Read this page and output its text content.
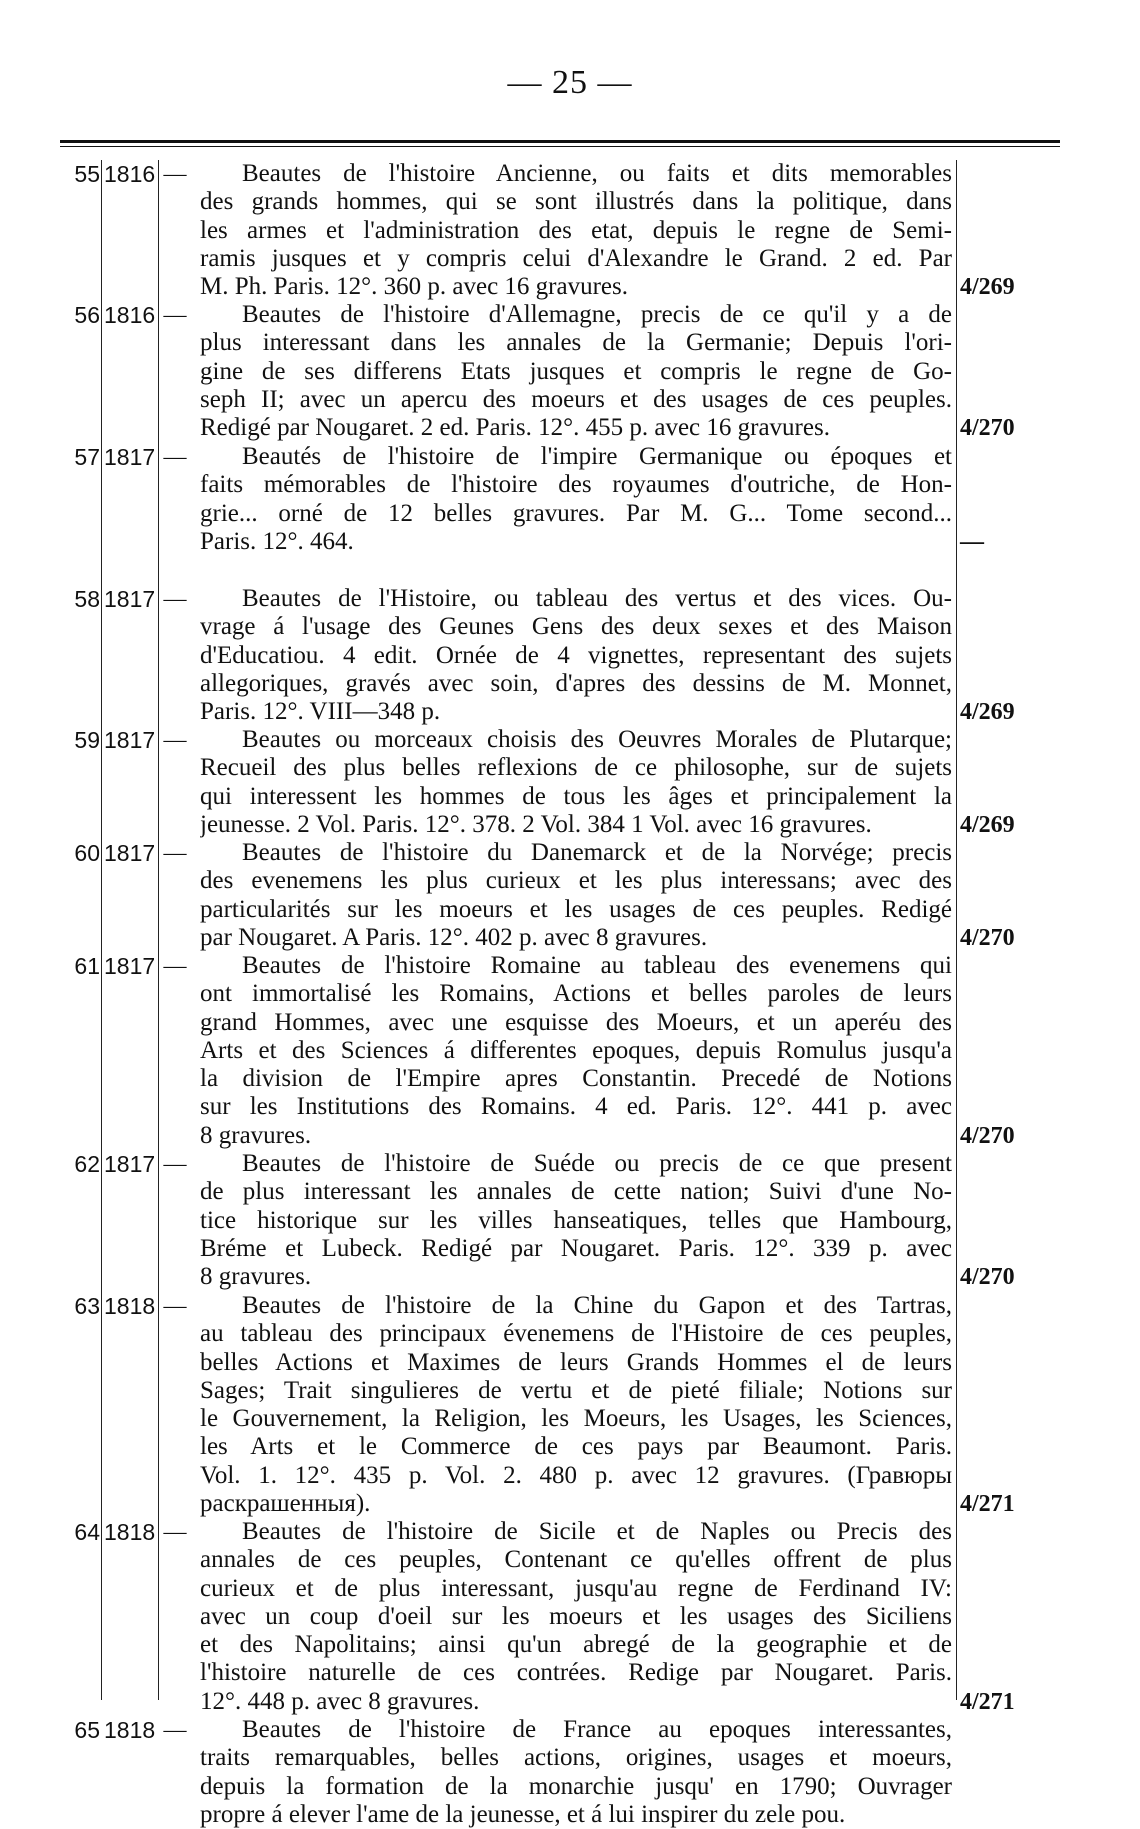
— 25 —
55 1816 —	Beautes de l'histoire Ancienne, ou faits et dits memorables
des grands hommes, qui se sont illustrés dans la politique, dans
les armes et l'administration des etat, depuis le regne de Semi-
ramis jusques et y compris celui d'Alexandre le Grand. 2 ed. Par
M. Ph. Paris. 12°. 360 p. avec 16 gravures.	4/269
56 1816 —	Beautes de l'histoire d'Allemagne, precis de ce qu'il y a de
plus interessant dans les annales de la Germanie; Depuis l'ori-
gine de ses differens Etats jusques et compris le regne de Go-
seph II; avec un apercu des moeurs et des usages de ces peuples.
Redigé par Nougaret. 2 ed. Paris. 12°. 455 p. avec 16 gravures.	4/270
57 1817 —	Beautés de l'histoire de l'impire Germanique ou époques et
faits mémorables de l'histoire des royaumes d'outriche, de Hon-
grie... orné de 12 belles gravures. Par M. G... Tome second...
Paris. 12°. 464.	—
58 1817 —	Beautes de l'Histoire, ou tableau des vertus et des vices. Ou-
vrage á l'usage des Geunes Gens des deux sexes et des Maison
d'Educatiou. 4 edit. Ornée de 4 vignettes, representant des sujets
allegoriques, gravés avec soin, d'apres des dessins de M. Monnet,
Paris. 12°. VIII—348 p.	4/269
59 1817 —	Beautes ou morceaux choisis des Oeuvres Morales de Plutarque;
Recueil des plus belles reflexions de ce philosophe, sur de sujets
qui interessent les hommes de tous les âges et principalement la
jeunesse. 2 Vol. Paris. 12°. 378. 2 Vol. 384 1 Vol. avec 16 gravures.	4/269
60 1817 —	Beautes de l'histoire du Danemarck et de la Norvége; precis
des evenemens les plus curieux et les plus interessans; avec des
particularités sur les moeurs et les usages de ces peuples. Redigé
par Nougaret. A Paris. 12°. 402 p. avec 8 gravures.	4/270
61 1817 —	Beautes de l'histoire Romaine au tableau des evenemens qui
ont immortalisé les Romains, Actions et belles paroles de leurs
grand Hommes, avec une esquisse des Moeurs, et un aperéu des
Arts et des Sciences á differentes epoques, depuis Romulus jusqu'a
la division de l'Empire apres Constantin. Precedé de Notions
sur les Institutions des Romains. 4 ed. Paris. 12°. 441 p. avec
8 gravures.	4/270
62 1817 —	Beautes de l'histoire de Suéde ou precis de ce que present
de plus interessant les annales de cette nation; Suivi d'une No-
tice historique sur les villes hanseatiques, telles que Hambourg,
Bréme et Lubeck. Redigé par Nougaret. Paris. 12°. 339 p. avec
8 gravures.	4/270
63 1818 —	Beautes de l'histoire de la Chine du Gapon et des Tartras,
au tableau des principaux évenemens de l'Histoire de ces peuples,
belles Actions et Maximes de leurs Grands Hommes el de leurs
Sages; Trait singulieres de vertu et de pieté filiale; Notions sur
le Gouvernement, la Religion, les Moeurs, les Usages, les Sciences,
les Arts et le Commerce de ces pays par Beaumont. Paris.
Vol. 1. 12°. 435 p. Vol. 2. 480 p. avec 12 gravures. (Гравюры
раскрашенныя).	4/271
64 1818 —	Beautes de l'histoire de Sicile et de Naples ou Precis des
annales de ces peuples, Contenant ce qu'elles offrent de plus
curieux et de plus interessant, jusqu'au regne de Ferdinand IV:
avec un coup d'oeil sur les moeurs et les usages des Siciliens
et des Napolitains; ainsi qu'un abregé de la geographie et de
l'histoire naturelle de ces contrées. Redige par Nougaret. Paris.
12°. 448 p. avec 8 gravures.	4/271
65 1818 —	Beautes de l'histoire de France au epoques interessantes,
traits remarquables, belles actions, origines, usages et moeurs,
depuis la formation de la monarchie jusqu' en 1790; Ouvrager
propre á elever l'ame de la jeunesse, et á lui inspirer du zele pou.
